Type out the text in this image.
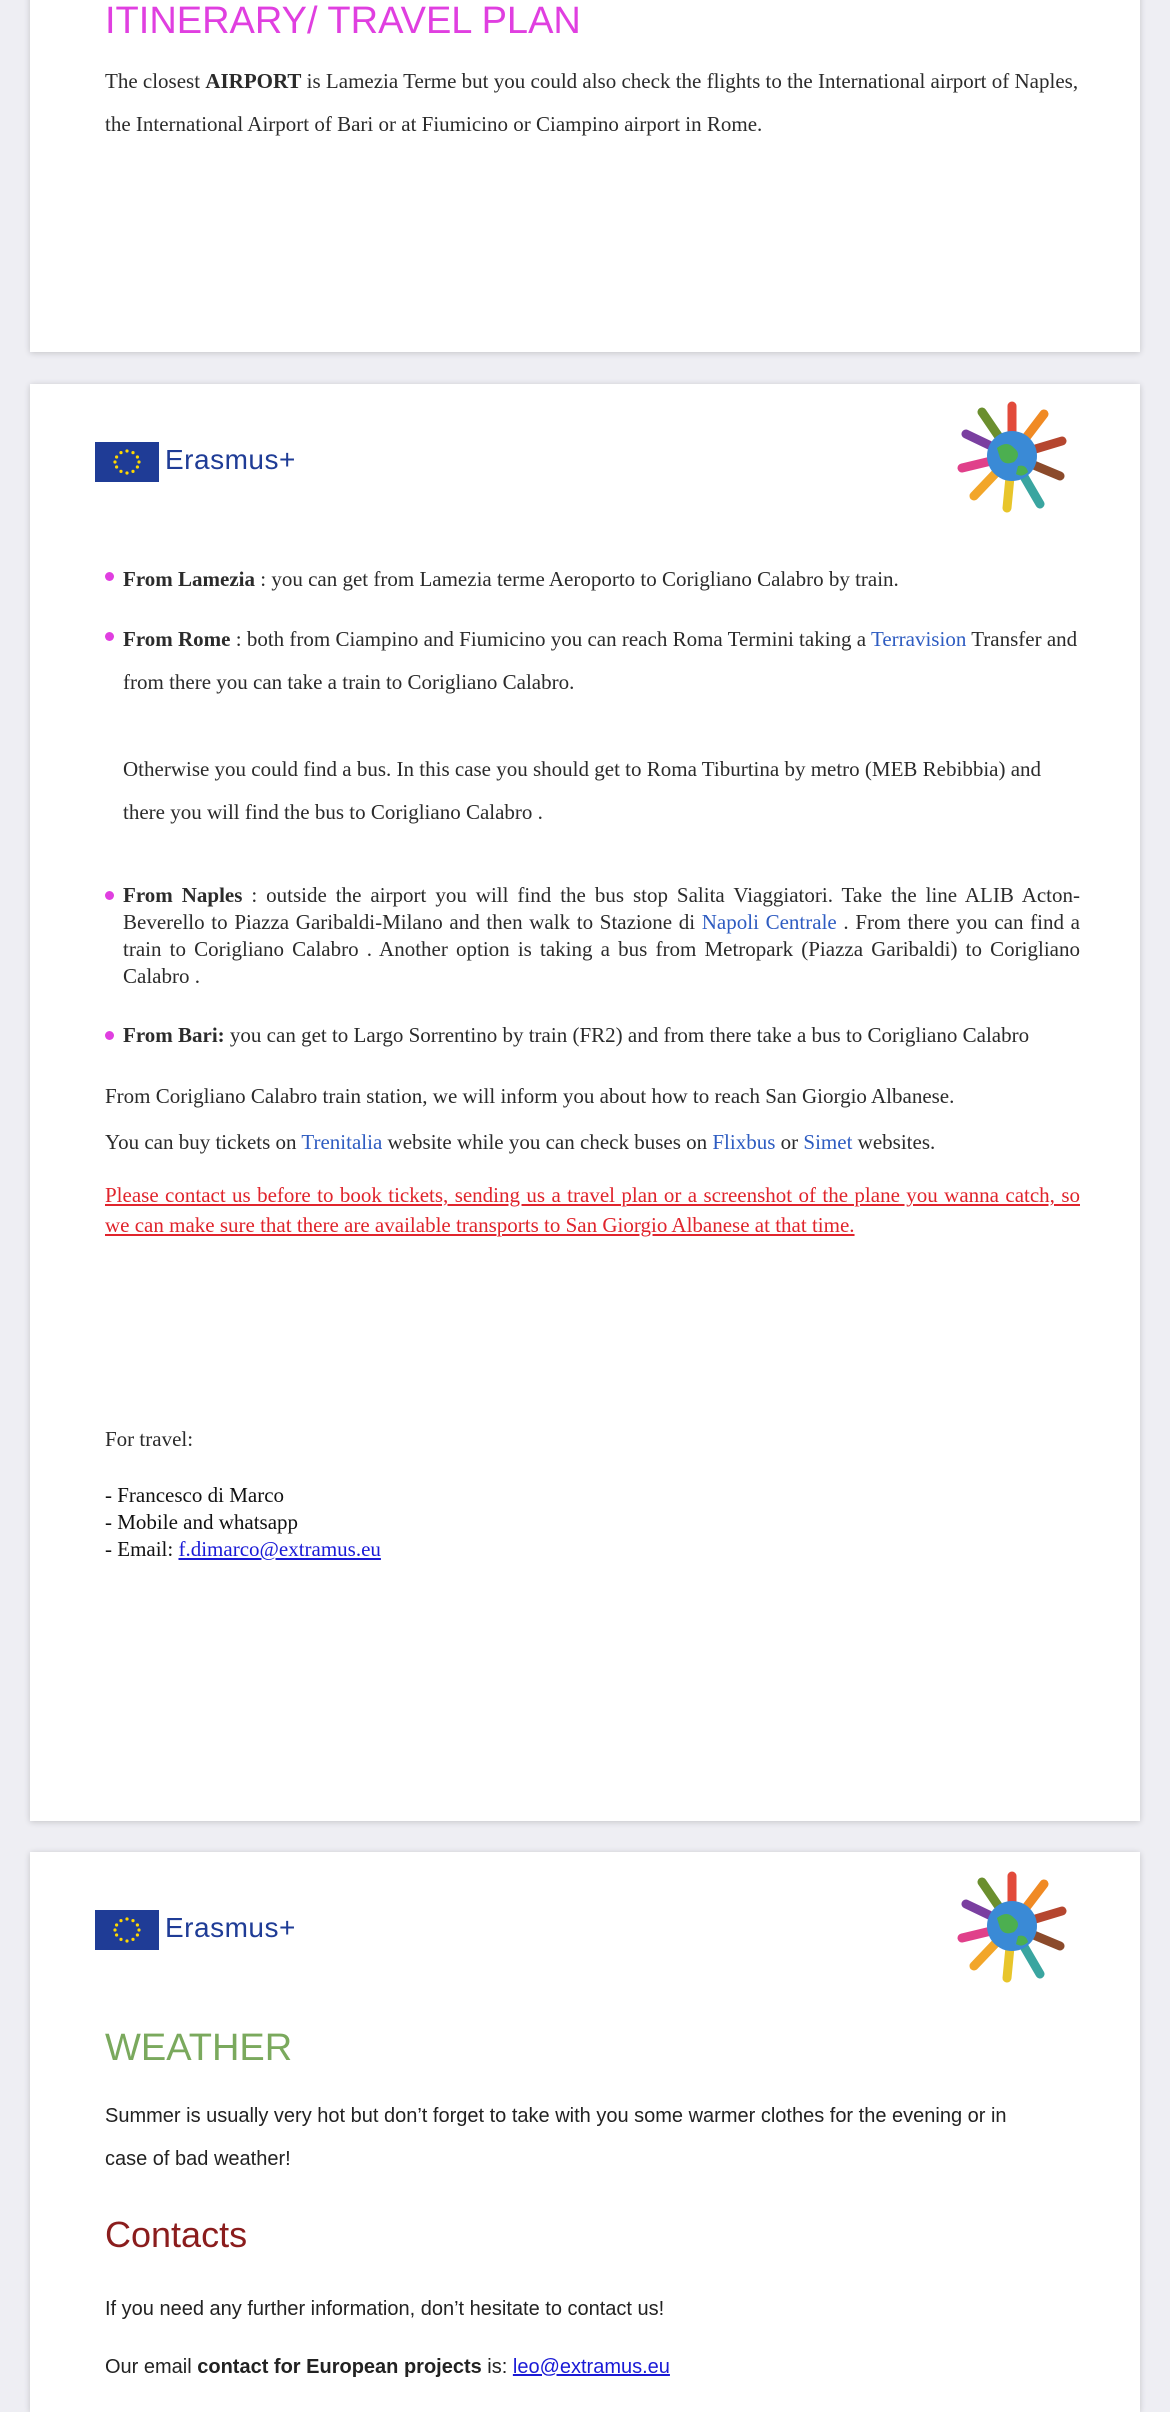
ITINERARY/ TRAVEL PLAN
The closest AIRPORT is Lamezia Terme but you could also check the flights to the International airport of Naples, the International Airport of Bari or at Fiumicino or Ciampino airport in Rome.
Erasmus+
From Lamezia : you can get from Lamezia terme Aeroporto to Corigliano Calabro by train.
From Rome : both from Ciampino and Fiumicino you can reach Roma Termini taking a Terravision Transfer and from there you can take a train to Corigliano Calabro.
Otherwise you could find a bus. In this case you should get to Roma Tiburtina by metro (MEB Rebibbia) and there you will find the bus to Corigliano Calabro .
From Naples : outside the airport you will find the bus stop Salita Viaggiatori. Take the line ALIB Acton-Beverello to Piazza Garibaldi-Milano and then walk to Stazione di Napoli Centrale . From there you can find a train to Corigliano Calabro . Another option is taking a bus from Metropark (Piazza Garibaldi) to Corigliano Calabro .
From Bari: you can get to Largo Sorrentino by train (FR2) and from there take a bus to Corigliano Calabro
From Corigliano Calabro train station, we will inform you about how to reach San Giorgio Albanese.
You can buy tickets on Trenitalia website while you can check buses on Flixbus or Simet websites.
Please contact us before to book tickets, sending us a travel plan or a screenshot of the plane you wanna catch, so we can make sure that there are available transports to San Giorgio Albanese at that time.
For travel:
- Francesco di Marco
- Mobile and whatsapp
- Email: f.dimarco@extramus.eu
Erasmus+
WEATHER
Summer is usually very hot but don’t forget to take with you some warmer clothes for the evening or in case of bad weather!
Contacts
If you need any further information, don’t hesitate to contact us!
Our email contact for European projects is: leo@extramus.eu
